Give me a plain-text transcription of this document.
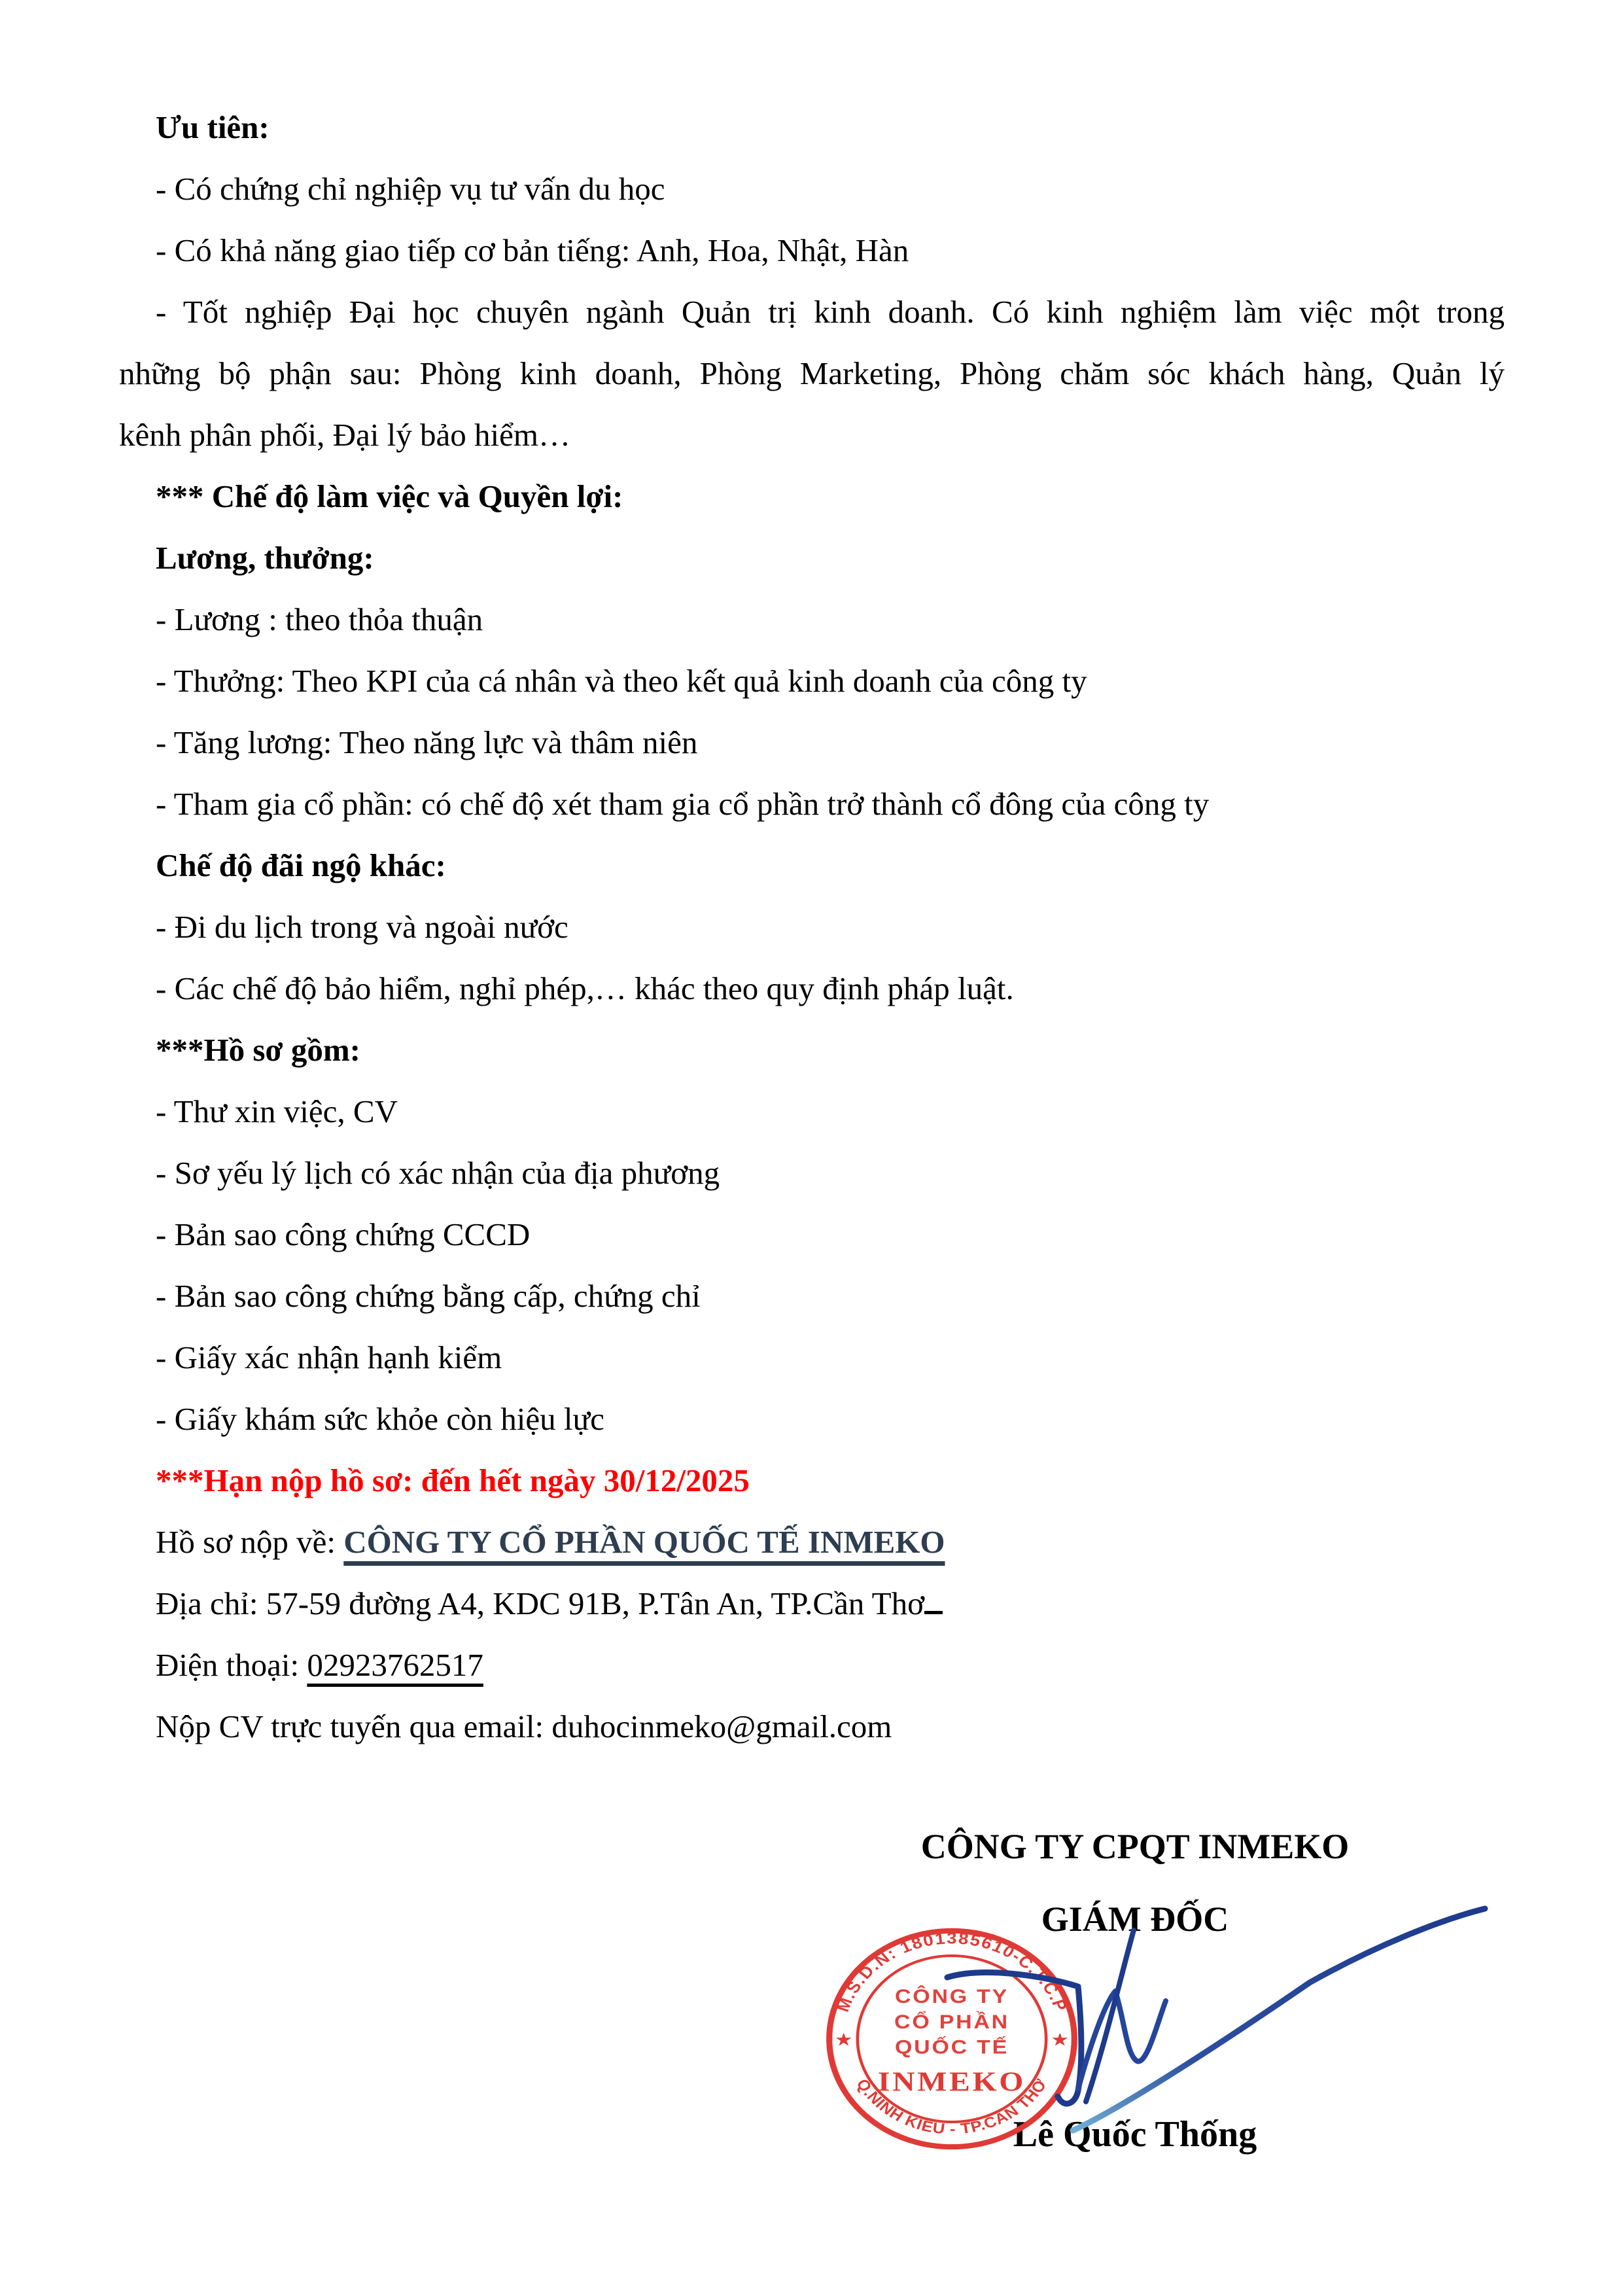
Ưu tiên:
- Có chứng chỉ nghiệp vụ tư vấn du học
- Có khả năng giao tiếp cơ bản tiếng: Anh, Hoa, Nhật, Hàn
- Tốt nghiệp Đại học chuyên ngành Quản trị kinh doanh. Có kinh nghiệm làm việc một trong
những bộ phận sau: Phòng kinh doanh, Phòng Marketing, Phòng chăm sóc khách hàng, Quản lý
kênh phân phối, Đại lý bảo hiểm…
*** Chế độ làm việc và Quyền lợi:
Lương, thưởng:
- Lương : theo thỏa thuận
- Thưởng: Theo KPI của cá nhân và theo kết quả kinh doanh của công ty
- Tăng lương: Theo năng lực và thâm niên
- Tham gia cổ phần: có chế độ xét tham gia cổ phần trở thành cổ đông của công ty
Chế độ đãi ngộ khác:
- Đi du lịch trong và ngoài nước
- Các chế độ bảo hiểm, nghỉ phép,… khác theo quy định pháp luật.
***Hồ sơ gồm:
- Thư xin việc, CV
- Sơ yếu lý lịch có xác nhận của địa phương
- Bản sao công chứng CCCD
- Bản sao công chứng bằng cấp, chứng chỉ
- Giấy xác nhận hạnh kiểm
- Giấy khám sức khỏe còn hiệu lực
***Hạn nộp hồ sơ: đến hết ngày 30/12/2025
Hồ sơ nộp về: CÔNG TY CỔ PHẦN QUỐC TẾ INMEKO
Địa chỉ: 57-59 đường A4, KDC 91B, P.Tân An, TP.Cần Thơ
Điện thoại: 02923762517
Nộp CV trực tuyến qua email: duhocinmeko@gmail.com
CÔNG TY CPQT INMEKO
GIÁM ĐỐC
M.S.D.N: 1801385610-C.T.C.P
Q.NINH KIỀU - TP.CẦN THƠ
★	★
CÔNG TY
CỔ PHẦN
QUỐC TẾ
INMEKO
Lê Quốc Thống
